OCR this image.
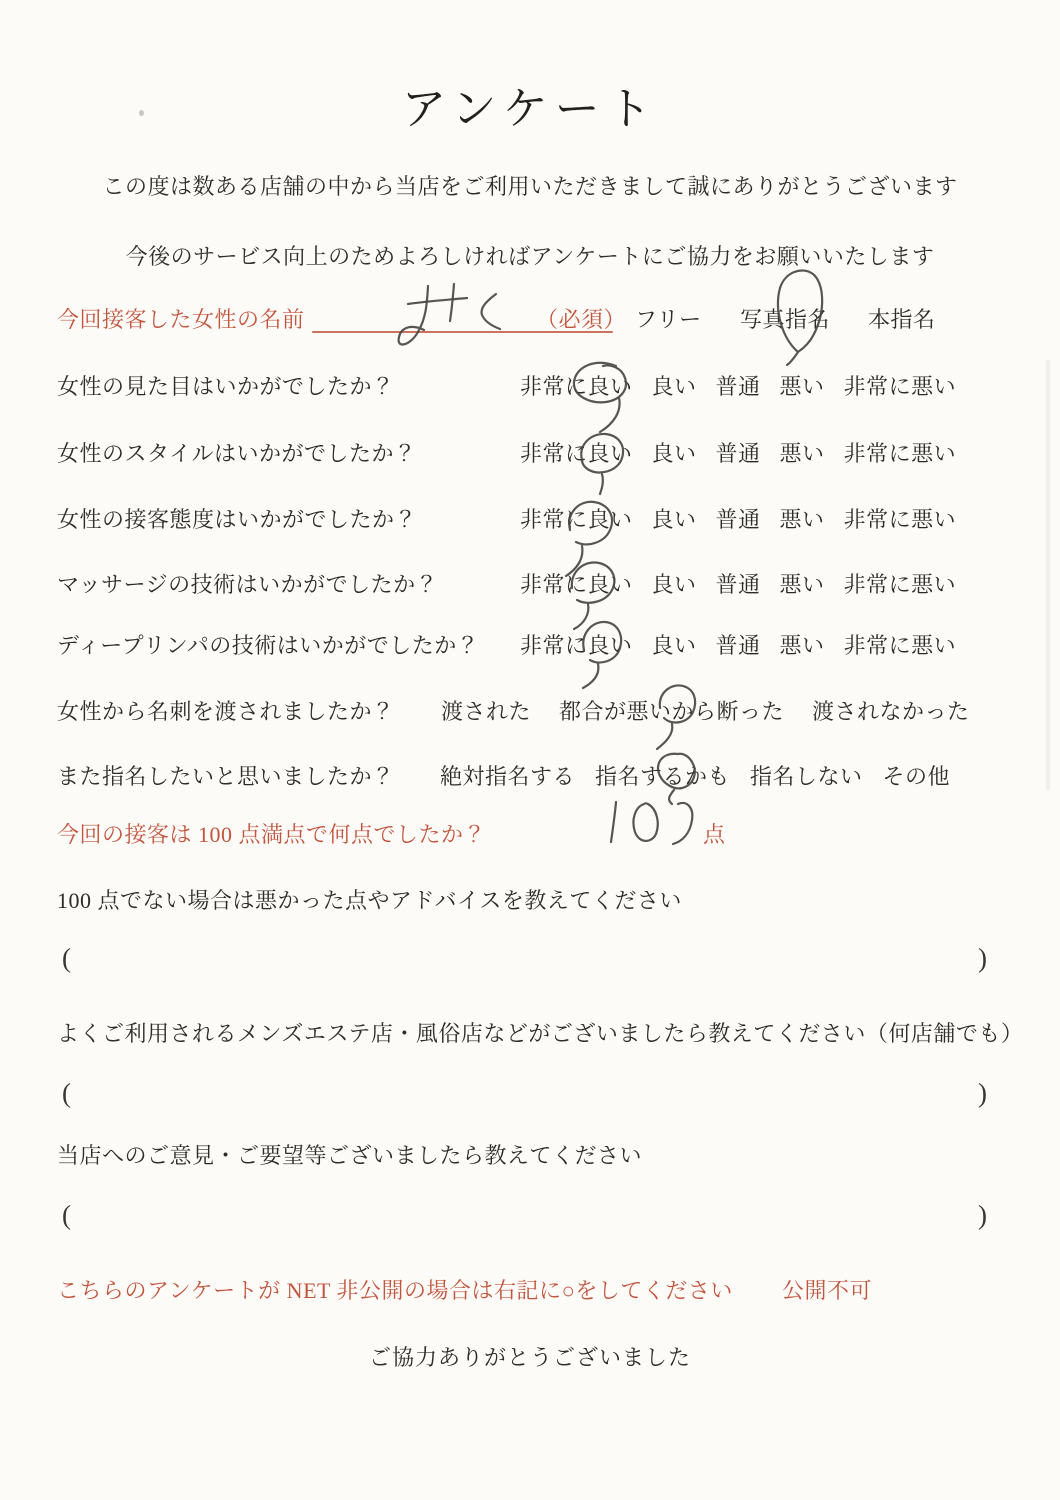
アンケート
この度は数ある店舗の中から当店をご利用いただきまして誠にありがとうございます
今後のサービス向上のためよろしければアンケートにご協力をお願いいたします
今回接客した女性の名前	（必須） フリー 写真指名 本指名
女性の見た目はいかがでしたか？	非常に良い 良い 普通 悪い 非常に悪い
女性のスタイルはいかがでしたか？	非常に良い 良い 普通 悪い 非常に悪い
女性の接客態度はいかがでしたか？	非常に良い 良い 普通 悪い 非常に悪い
マッサージの技術はいかがでしたか？	非常に良い 良い 普通 悪い 非常に悪い
ディープリンパの技術はいかがでしたか？ 非常に良い 良い 普通 悪い 非常に悪い
女性から名刺を渡されましたか？ 渡された 都合が悪いから断った 渡されなかった
また指名したいと思いましたか？ 絶対指名する 指名するかも 指名しない その他
今回の接客は 100 点満点で何点でしたか？	点
100 点でない場合は悪かった点やアドバイスを教えてください
(	)
よくご利用されるメンズエステ店・風俗店などがございましたら教えてください（何店舗でも）
(	)
当店へのご意見・ご要望等ございましたら教えてください
(	)
こちらのアンケートが NET 非公開の場合は右記に○をしてください 公開不可
ご協力ありがとうございました
